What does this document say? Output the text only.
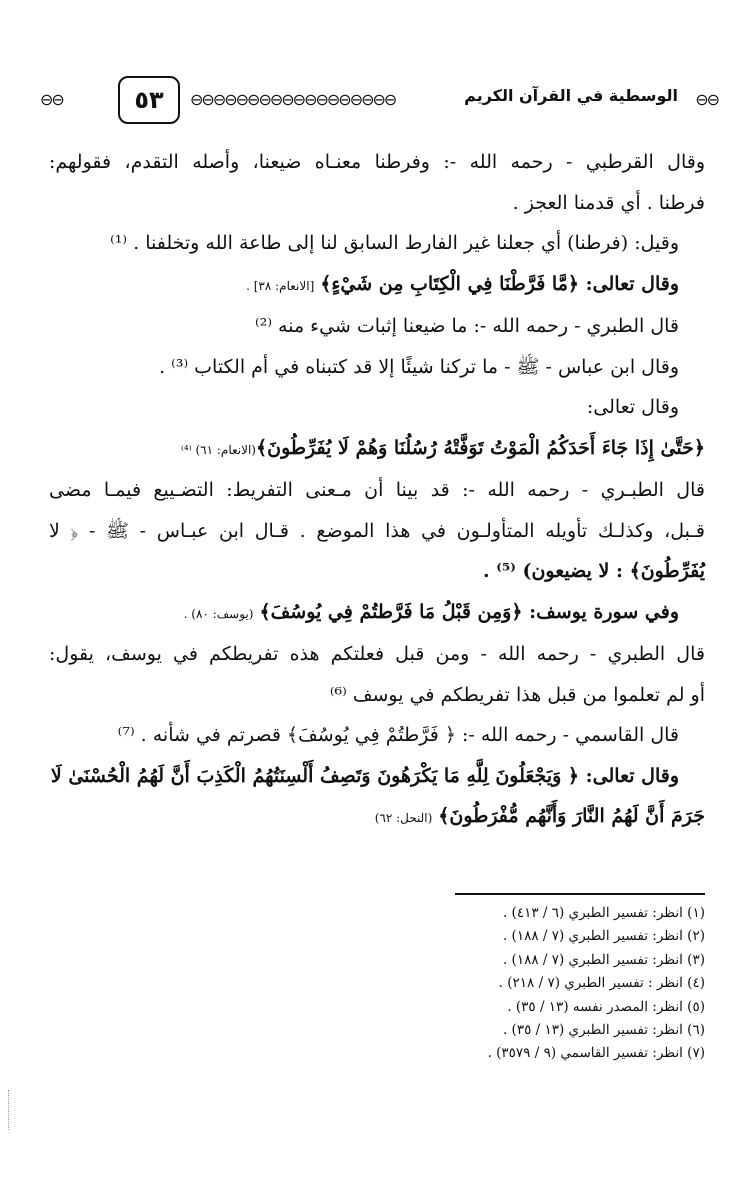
⊖⊖	٥٣	⊖⊖⊖⊖⊖⊖⊖⊖⊖⊖⊖⊖⊖⊖⊖⊖⊖⊖	الوسطية في القرآن الكريم ⊖⊖
وقال القرطبي - رحمه الله -: وفرطنا معنـاه ضيعنا، وأصله التقدم، فقولهم:
فرطنا . أي قدمنا العجز .
وقيل: (فرطنا) أي جعلنا غير الفارط السابق لنا إلى طاعة الله وتخلفنا . ⁽¹⁾
وقال تعالى: ﴿مَّا فَرَّطْنَا فِي الْكِتَابِ مِن شَيْءٍ﴾ [الانعام: ٣٨] .
قال الطبري - رحمه الله -: ما ضيعنا إثبات شيء منه ⁽²⁾
وقال ابن عباس - ﷺ - ما تركنا شيئًا إلا قد كتبناه في أم الكتاب ⁽³⁾ .
وقال تعالى:
﴿حَتَّىٰ إِذَا جَاءَ أَحَدَكُمُ الْمَوْتُ تَوَفَّتْهُ رُسُلُنَا وَهُمْ لَا يُفَرِّطُونَ﴾(الانعام: ٦١) ⁽⁴⁾
قال الطبـري - رحمه الله -: قد بينا أن مـعنى التفريط: التضـييع فيمـا مضى
قـبل، وكذلـك تأويله المتأولـون في هذا الموضع . قـال ابن عبـاس - ﷺ - ﴿ لا
يُفَرِّطُونَ﴾ : لا يضيعون) ⁽⁵⁾ .
وفي سورة يوسف: ﴿وَمِن قَبْلُ مَا فَرَّطتُمْ فِي يُوسُفَ﴾ (يوسف: ٨٠) .
قال الطبري - رحمه الله - ومن قبل فعلتكم هذه تفريطكم في يوسف، يقول:
أو لم تعلموا من قبل هذا تفريطكم في يوسف ⁽⁶⁾
قال القاسمي - رحمه الله -: ﴿ فَرَّطتُمْ فِي يُوسُفَ﴾ قصرتم في شأنه . ⁽⁷⁾
وقال تعالى: ﴿ وَيَجْعَلُونَ لِلَّهِ مَا يَكْرَهُونَ وَتَصِفُ أَلْسِنَتُهُمُ الْكَذِبَ أَنَّ لَهُمُ الْحُسْنَىٰ لَا
جَرَمَ أَنَّ لَهُمُ النَّارَ وَأَنَّهُم مُّفْرَطُونَ﴾ (النحل: ٦٢)
(١) انظر: تفسير الطبري (٦ / ٤١٣) .
(٢) انظر: تفسير الطبري (٧ / ١٨٨) .
(٣) انظر: تفسير الطبري (٧ / ١٨٨) .
(٤) انظر : تفسير الطبري (٧ / ٢١٨) .
(٥) انظر: المصدر نفسه (١٣ / ٣٥) .
(٦) انظر: تفسير الطبري (١٣ / ٣٥) .
(٧) انظر: تفسير القاسمي (٩ / ٣٥٧٩) .
